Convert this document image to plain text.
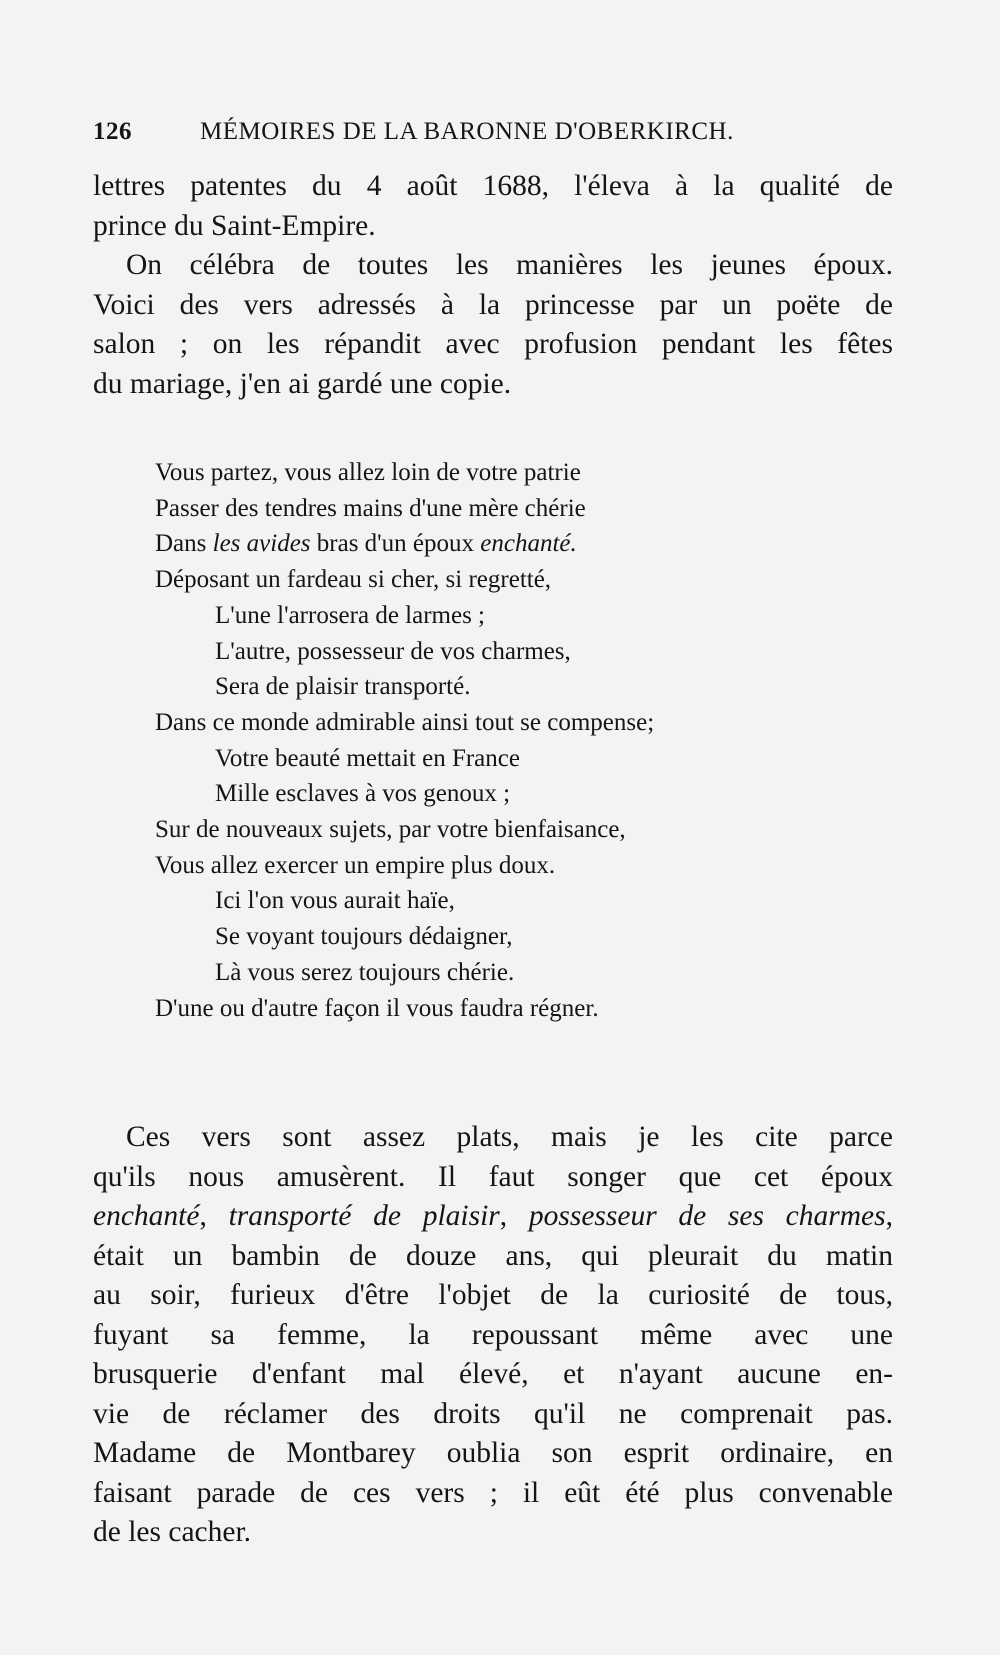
126	MÉMOIRES DE LA BARONNE D'OBERKIRCH.
lettres patentes du 4 août 1688, l'éleva à la qualité de
prince du Saint-Empire.
On célébra de toutes les manières les jeunes époux.
Voici des vers adressés à la princesse par un poëte de
salon ; on les répandit avec profusion pendant les fêtes
du mariage, j'en ai gardé une copie.
Vous partez, vous allez loin de votre patrie
Passer des tendres mains d'une mère chérie
Dans les avides bras d'un époux enchanté.
Déposant un fardeau si cher, si regretté,
L'une l'arrosera de larmes ;
L'autre, possesseur de vos charmes,
Sera de plaisir transporté.
Dans ce monde admirable ainsi tout se compense;
Votre beauté mettait en France
Mille esclaves à vos genoux ;
Sur de nouveaux sujets, par votre bienfaisance,
Vous allez exercer un empire plus doux.
Ici l'on vous aurait haïe,
Se voyant toujours dédaigner,
Là vous serez toujours chérie.
D'une ou d'autre façon il vous faudra régner.
Ces vers sont assez plats, mais je les cite parce
qu'ils nous amusèrent. Il faut songer que cet époux
enchanté, transporté de plaisir, possesseur de ses charmes,
était un bambin de douze ans, qui pleurait du matin
au soir, furieux d'être l'objet de la curiosité de tous,
fuyant sa femme, la repoussant même avec une
brusquerie d'enfant mal élevé, et n'ayant aucune en-
vie de réclamer des droits qu'il ne comprenait pas.
Madame de Montbarey oublia son esprit ordinaire, en
faisant parade de ces vers ; il eût été plus convenable
de les cacher.
